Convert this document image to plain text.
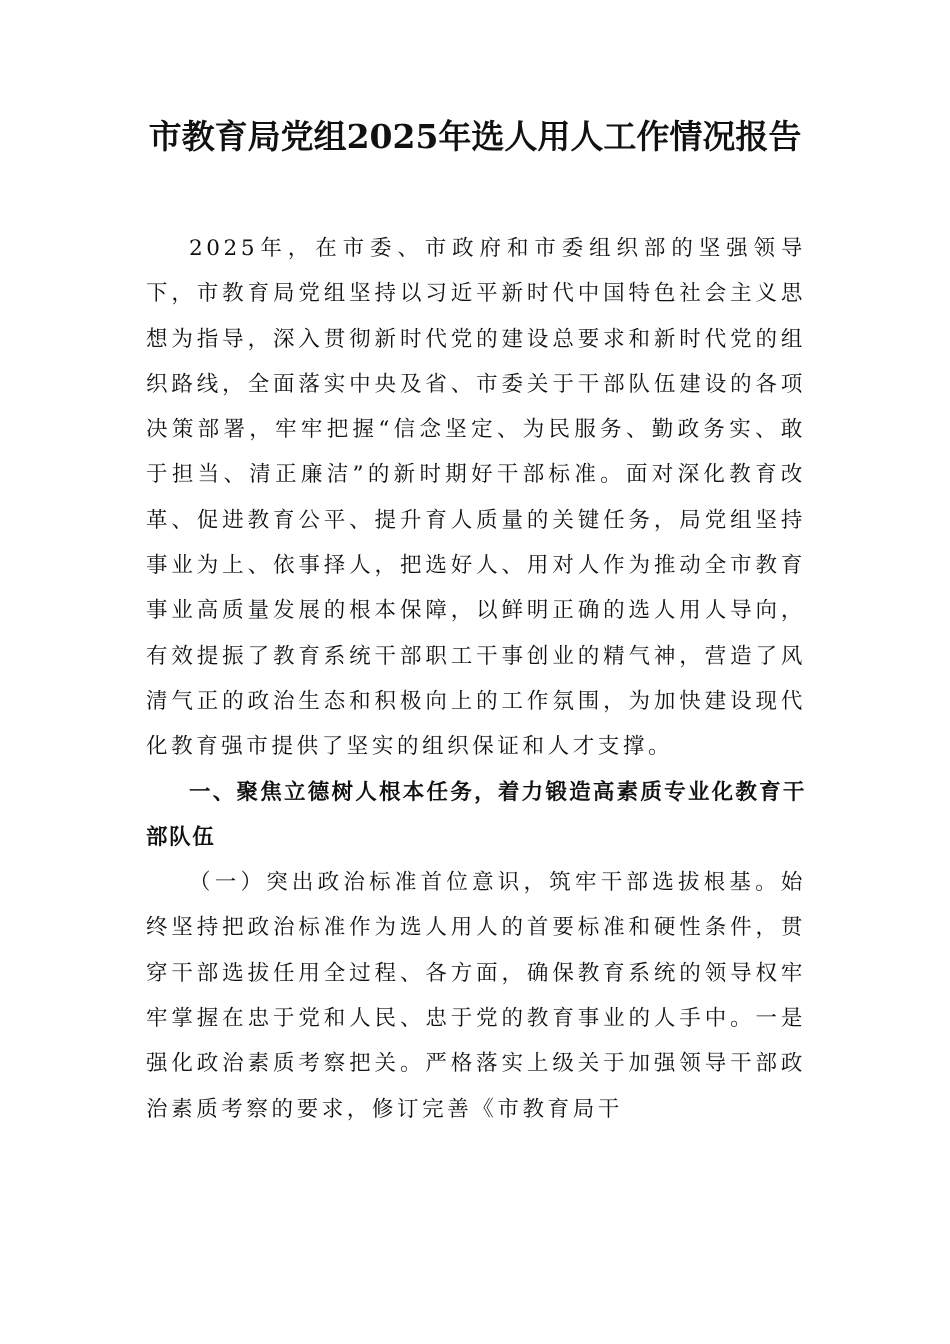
市教育局党组2025年选人用人工作情况报告

2025年，在市委、市政府和市委组织部的坚强领导下，市教育局党组坚持以习近平新时代中国特色社会主义思想为指导，深入贯彻新时代党的建设总要求和新时代党的组织路线，全面落实中央及省、市委关于干部队伍建设的各项决策部署，牢牢把握“信念坚定、为民服务、勤政务实、敢于担当、清正廉洁”的新时期好干部标准。面对深化教育改革、促进教育公平、提升育人质量的关键任务，局党组坚持事业为上、依事择人，把选好人、用对人作为推动全市教育事业高质量发展的根本保障，以鲜明正确的选人用人导向，有效提振了教育系统干部职工干事创业的精气神，营造了风清气正的政治生态和积极向上的工作氛围，为加快建设现代化教育强市提供了坚实的组织保证和人才支撑。

一、聚焦立德树人根本任务，着力锻造高素质专业化教育干部队伍

（一）突出政治标准首位意识，筑牢干部选拔根基。始终坚持把政治标准作为选人用人的首要标准和硬性条件，贯穿干部选拔任用全过程、各方面，确保教育系统的领导权牢牢掌握在忠于党和人民、忠于党的教育事业的人手中。一是强化政治素质考察把关。严格落实上级关于加强领导干部政治素质考察的要求，修订完善《市教育局干
